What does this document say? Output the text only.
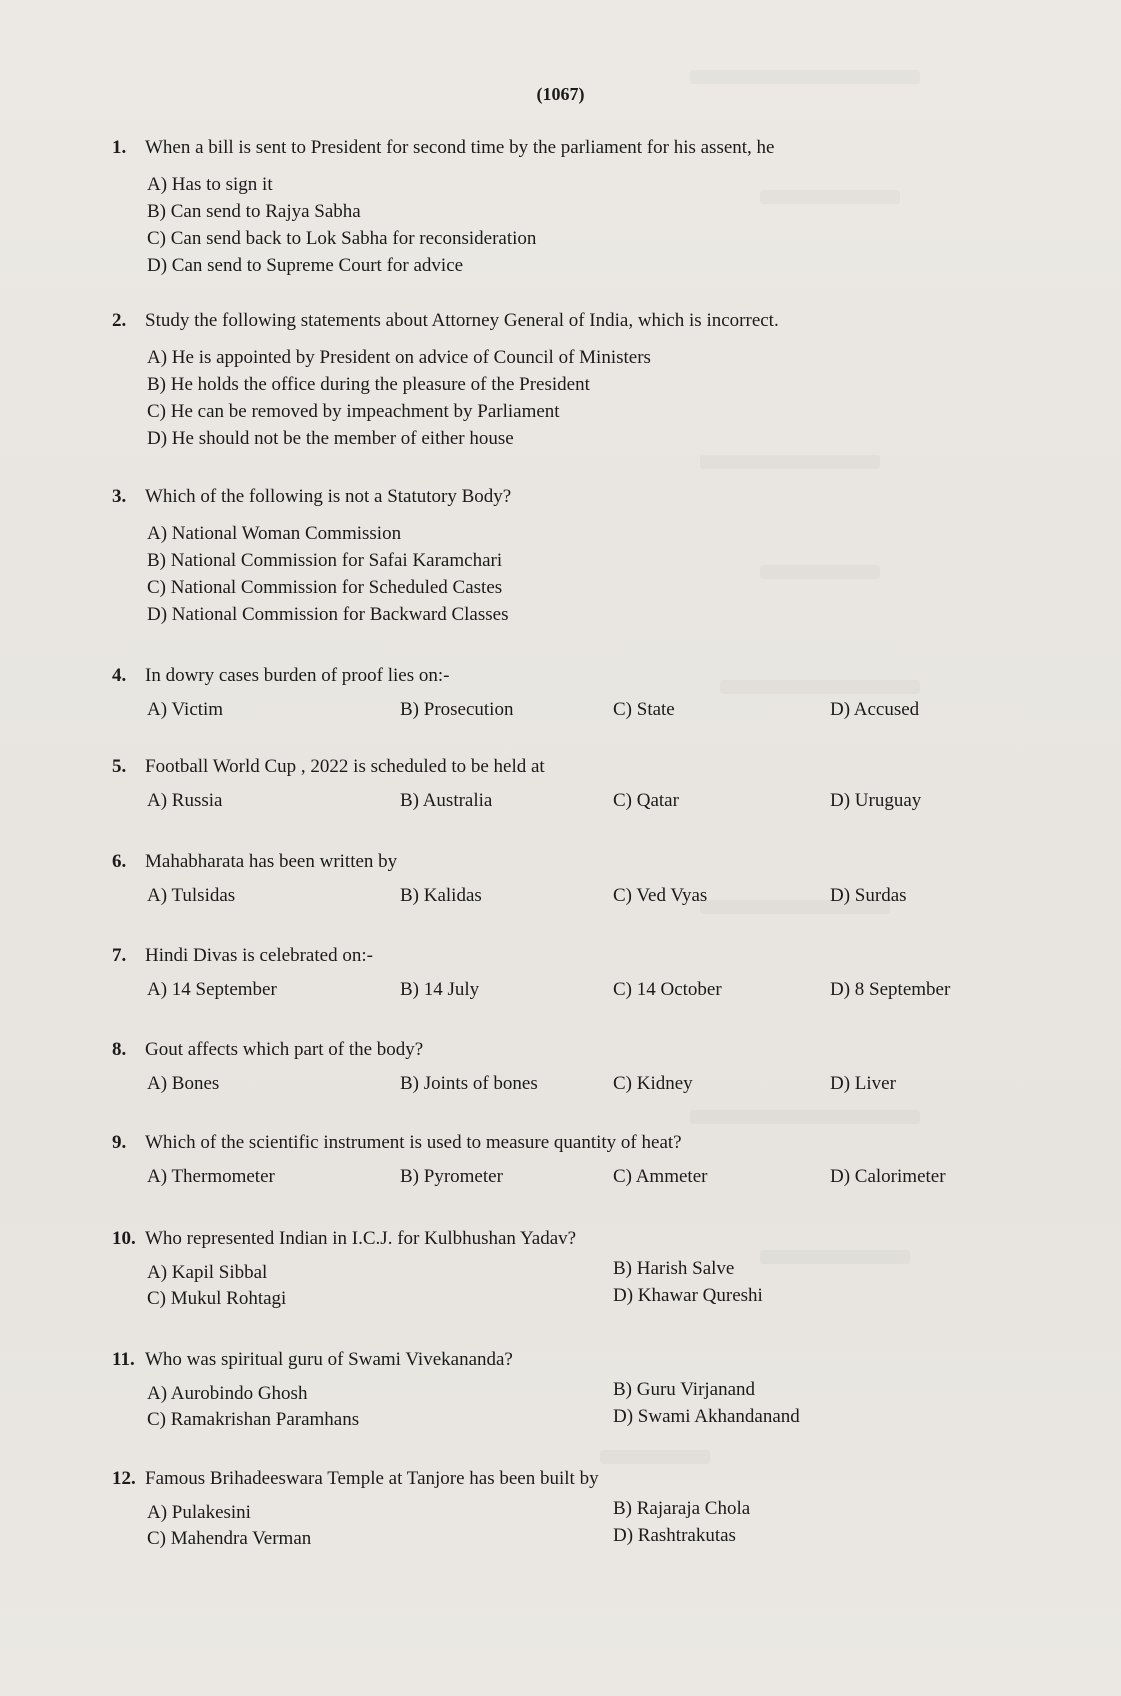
(1067)
1. When a bill is sent to President for second time by the parliament for his assent, he
A) Has to sign it
B) Can send to Rajya Sabha
C) Can send back to Lok Sabha for reconsideration
D) Can send to Supreme Court for advice
2. Study the following statements about Attorney General of India, which is incorrect.
A) He is appointed by President on advice of Council of Ministers
B) He holds the office during the pleasure of the President
C) He can be removed by impeachment by Parliament
D) He should not be the member of either house
3. Which of the following is not a Statutory Body?
A) National Woman Commission
B) National Commission for Safai Karamchari
C) National Commission for Scheduled Castes
D) National Commission for Backward Classes
4. In dowry cases burden of proof lies on:-
A) Victim	B) Prosecution	C) State	D) Accused
5. Football World Cup , 2022 is scheduled to be held at
A) Russia	B) Australia	C) Qatar	D) Uruguay
6. Mahabharata has been written by
A) Tulsidas	B) Kalidas	C) Ved Vyas	D) Surdas
7. Hindi Divas is celebrated on:-
A) 14 September	B) 14 July	C) 14 October	D) 8 September
8. Gout affects which part of the body?
A) Bones	B) Joints of bones	C) Kidney	D) Liver
9. Which of the scientific instrument is used to measure quantity of heat?
A) Thermometer	B) Pyrometer	C) Ammeter	D) Calorimeter
10. Who represented Indian in I.C.J. for Kulbhushan Yadav?
A) Kapil Sibbal	B) Harish Salve
C) Mukul Rohtagi	D) Khawar Qureshi
11. Who was spiritual guru of Swami Vivekananda?
A) Aurobindo Ghosh	B) Guru Virjanand
C) Ramakrishan Paramhans	D) Swami Akhandanand
12. Famous Brihadeeswara Temple at Tanjore has been built by
A) Pulakesini	B) Rajaraja Chola
C) Mahendra Verman	D) Rashtrakutas
